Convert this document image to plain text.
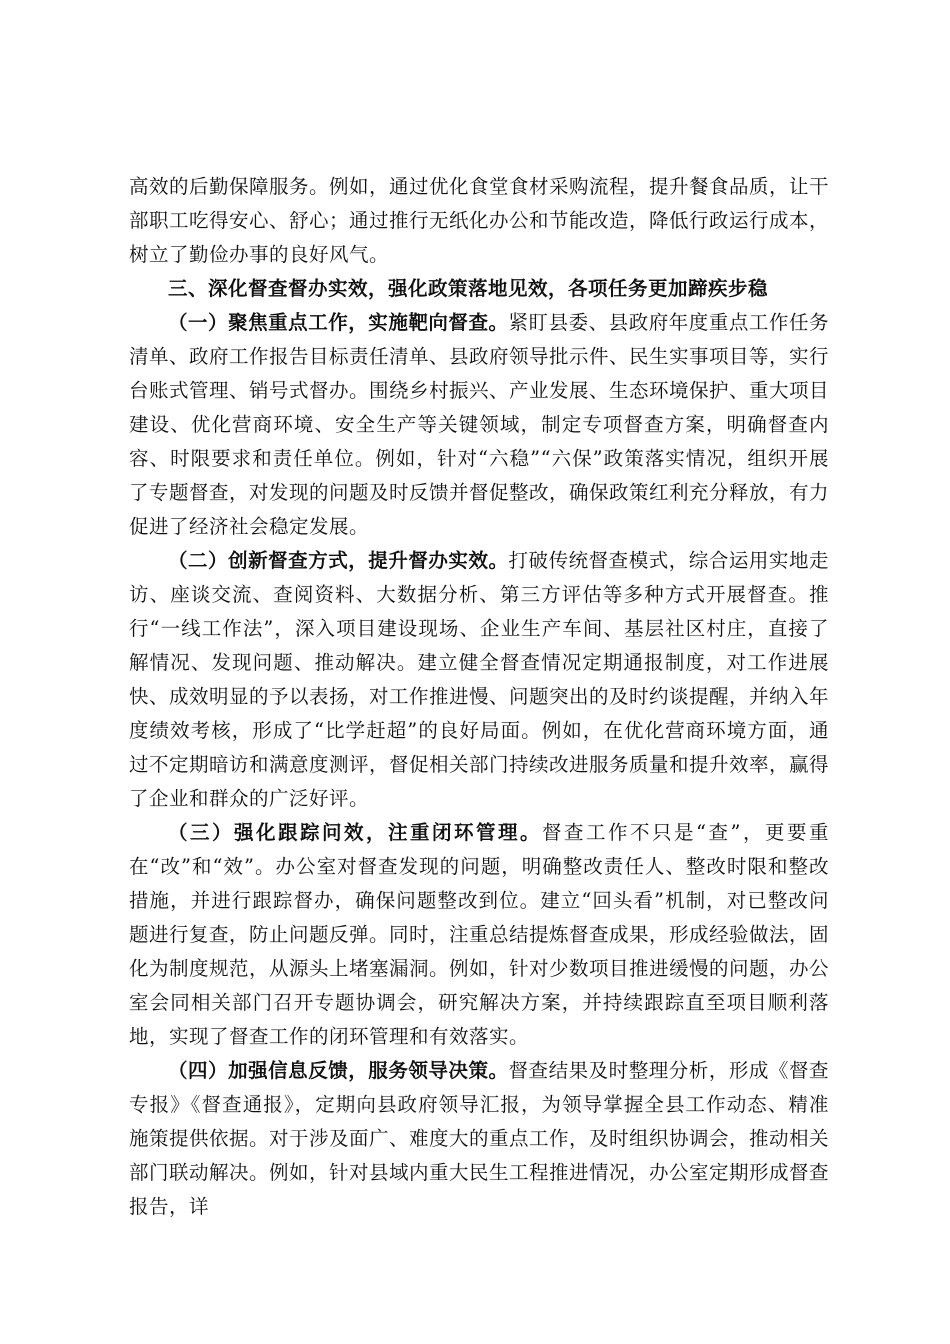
高效的后勤保障服务。例如，通过优化食堂食材采购流程，提升餐食品质，让干部职工吃得安心、舒心；通过推行无纸化办公和节能改造，降低行政运行成本，树立了勤俭办事的良好风气。

三、深化督查督办实效，强化政策落地见效，各项任务更加蹄疾步稳

（一）聚焦重点工作，实施靶向督查。紧盯县委、县政府年度重点工作任务清单、政府工作报告目标责任清单、县政府领导批示件、民生实事项目等，实行台账式管理、销号式督办。围绕乡村振兴、产业发展、生态环境保护、重大项目建设、优化营商环境、安全生产等关键领域，制定专项督查方案，明确督查内容、时限要求和责任单位。例如，针对“六稳”“六保”政策落实情况，组织开展了专题督查，对发现的问题及时反馈并督促整改，确保政策红利充分释放，有力促进了经济社会稳定发展。

（二）创新督查方式，提升督办实效。打破传统督查模式，综合运用实地走访、座谈交流、查阅资料、大数据分析、第三方评估等多种方式开展督查。推行“一线工作法”，深入项目建设现场、企业生产车间、基层社区村庄，直接了解情况、发现问题、推动解决。建立健全督查情况定期通报制度，对工作进展快、成效明显的予以表扬，对工作推进慢、问题突出的及时约谈提醒，并纳入年度绩效考核，形成了“比学赶超”的良好局面。例如，在优化营商环境方面，通过不定期暗访和满意度测评，督促相关部门持续改进服务质量和提升效率，赢得了企业和群众的广泛好评。

（三）强化跟踪问效，注重闭环管理。督查工作不只是“查”，更要重在“改”和“效”。办公室对督查发现的问题，明确整改责任人、整改时限和整改措施，并进行跟踪督办，确保问题整改到位。建立“回头看”机制，对已整改问题进行复查，防止问题反弹。同时，注重总结提炼督查成果，形成经验做法，固化为制度规范，从源头上堵塞漏洞。例如，针对少数项目推进缓慢的问题，办公室会同相关部门召开专题协调会，研究解决方案，并持续跟踪直至项目顺利落地，实现了督查工作的闭环管理和有效落实。

（四）加强信息反馈，服务领导决策。督查结果及时整理分析，形成《督查专报》《督查通报》，定期向县政府领导汇报，为领导掌握全县工作动态、精准施策提供依据。对于涉及面广、难度大的重点工作，及时组织协调会，推动相关部门联动解决。例如，针对县域内重大民生工程推进情况，办公室定期形成督查报告，详
